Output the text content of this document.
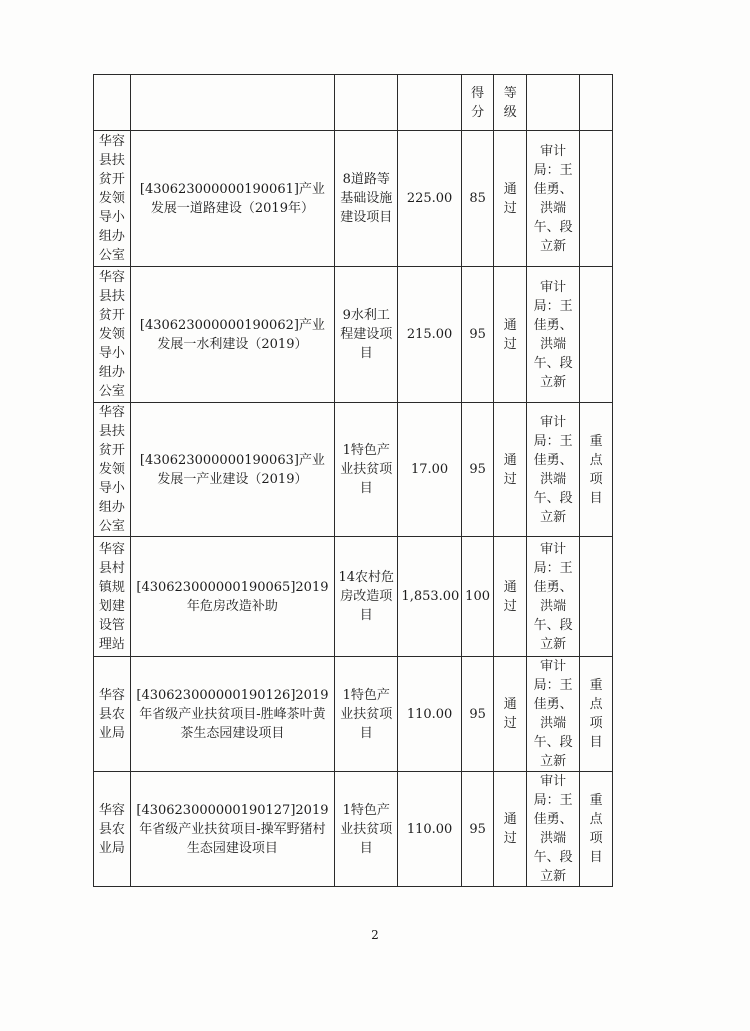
				得分	等级		
华容县扶贫开发领导小组办公室	[430623000000190061]产业发展一道路建设（2019年）	8道路等基础设施建设项目	225.00	85	通过	审计局：王佳勇、洪端午、段立新	
华容县扶贫开发领导小组办公室	[430623000000190062]产业发展一水利建设（2019）	9水利工程建设项目	215.00	95	通过	审计局：王佳勇、洪端午、段立新	
华容县扶贫开发领导小组办公室	[430623000000190063]产业发展一产业建设（2019）	1特色产业扶贫项目	17.00	95	通过	审计局：王佳勇、洪端午、段立新	重点项目
华容县村镇规划建设管理站	[430623000000190065]2019年危房改造补助	14农村危房改造项目	1,853.00	100	通过	审计局：王佳勇、洪端午、段立新	
华容县农业局	[430623000000190126]2019年省级产业扶贫项目-胜峰茶叶黄茶生态园建设项目	1特色产业扶贫项目	110.00	95	通过	审计局：王佳勇、洪端午、段立新	重点项目
华容县农业局	[430623000000190127]2019年省级产业扶贫项目-操军野猪村生态园建设项目	1特色产业扶贫项目	110.00	95	通过	审计局：王佳勇、洪端午、段立新	重点项目
2
